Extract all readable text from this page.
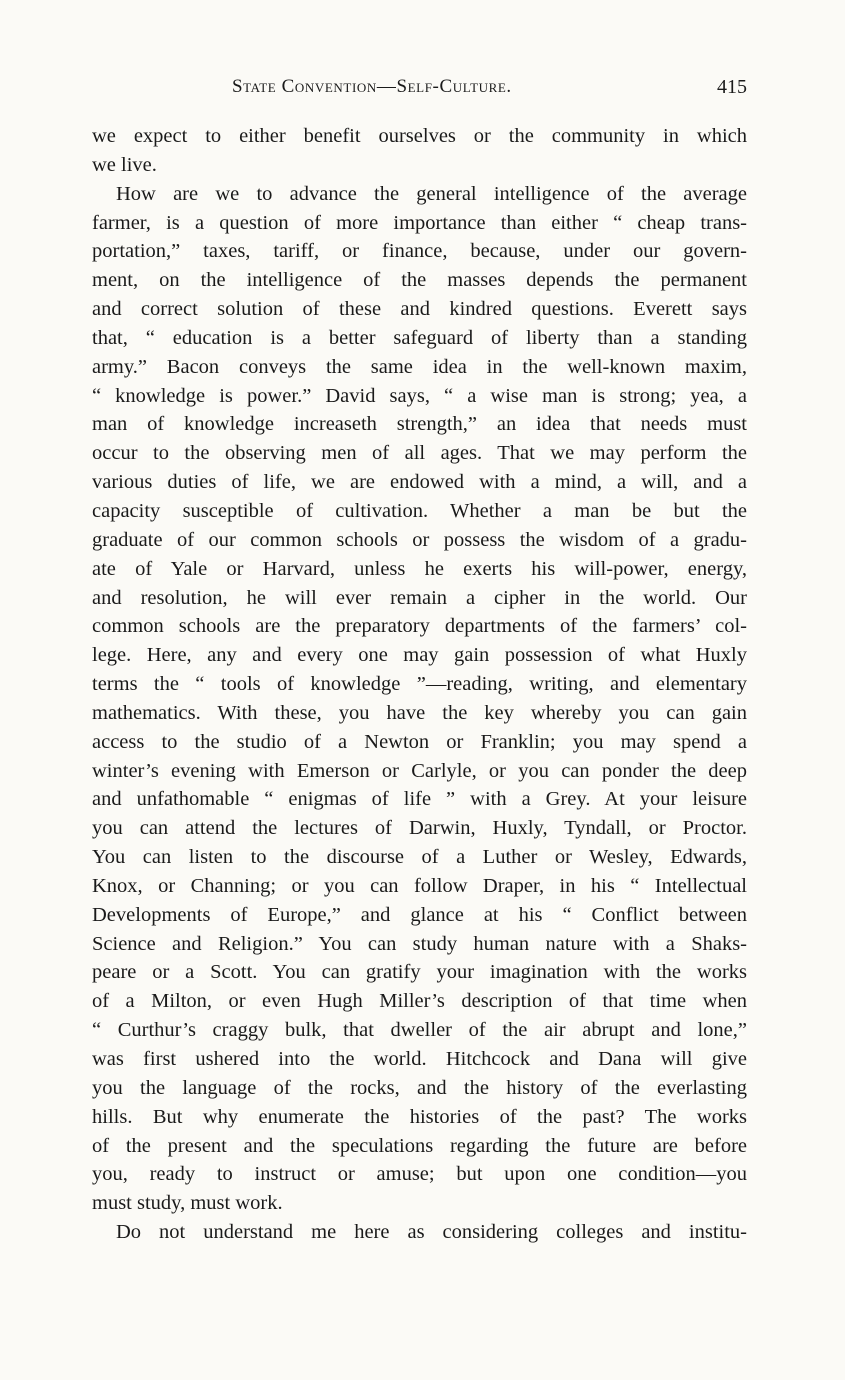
State Convention—Self-Culture.	415
we expect to either benefit ourselves or the community in which
we live.
How are we to advance the general intelligence of the average
farmer, is a question of more importance than either “ cheap trans-
portation,” taxes, tariff, or finance, because, under our govern-
ment, on the intelligence of the masses depends the permanent
and correct solution of these and kindred questions. Everett says
that, “ education is a better safeguard of liberty than a standing
army.” Bacon conveys the same idea in the well-known maxim,
“ knowledge is power.” David says, “ a wise man is strong; yea, a
man of knowledge increaseth strength,” an idea that needs must
occur to the observing men of all ages. That we may perform the
various duties of life, we are endowed with a mind, a will, and a
capacity susceptible of cultivation. Whether a man be but the
graduate of our common schools or possess the wisdom of a gradu-
ate of Yale or Harvard, unless he exerts his will-power, energy,
and resolution, he will ever remain a cipher in the world. Our
common schools are the preparatory departments of the farmers’ col-
lege. Here, any and every one may gain possession of what Huxly
terms the “ tools of knowledge ”—reading, writing, and elementary
mathematics. With these, you have the key whereby you can gain
access to the studio of a Newton or Franklin; you may spend a
winter’s evening with Emerson or Carlyle, or you can ponder the deep
and unfathomable “ enigmas of life ” with a Grey. At your leisure
you can attend the lectures of Darwin, Huxly, Tyndall, or Proctor.
You can listen to the discourse of a Luther or Wesley, Edwards,
Knox, or Channing; or you can follow Draper, in his “ Intellectual
Developments of Europe,” and glance at his “ Conflict between
Science and Religion.” You can study human nature with a Shaks-
peare or a Scott. You can gratify your imagination with the works
of a Milton, or even Hugh Miller’s description of that time when
“ Curthur’s craggy bulk, that dweller of the air abrupt and lone,”
was first ushered into the world. Hitchcock and Dana will give
you the language of the rocks, and the history of the everlasting
hills. But why enumerate the histories of the past? The works
of the present and the speculations regarding the future are before
you, ready to instruct or amuse; but upon one condition—you
must study, must work.
Do not understand me here as considering colleges and institu-
